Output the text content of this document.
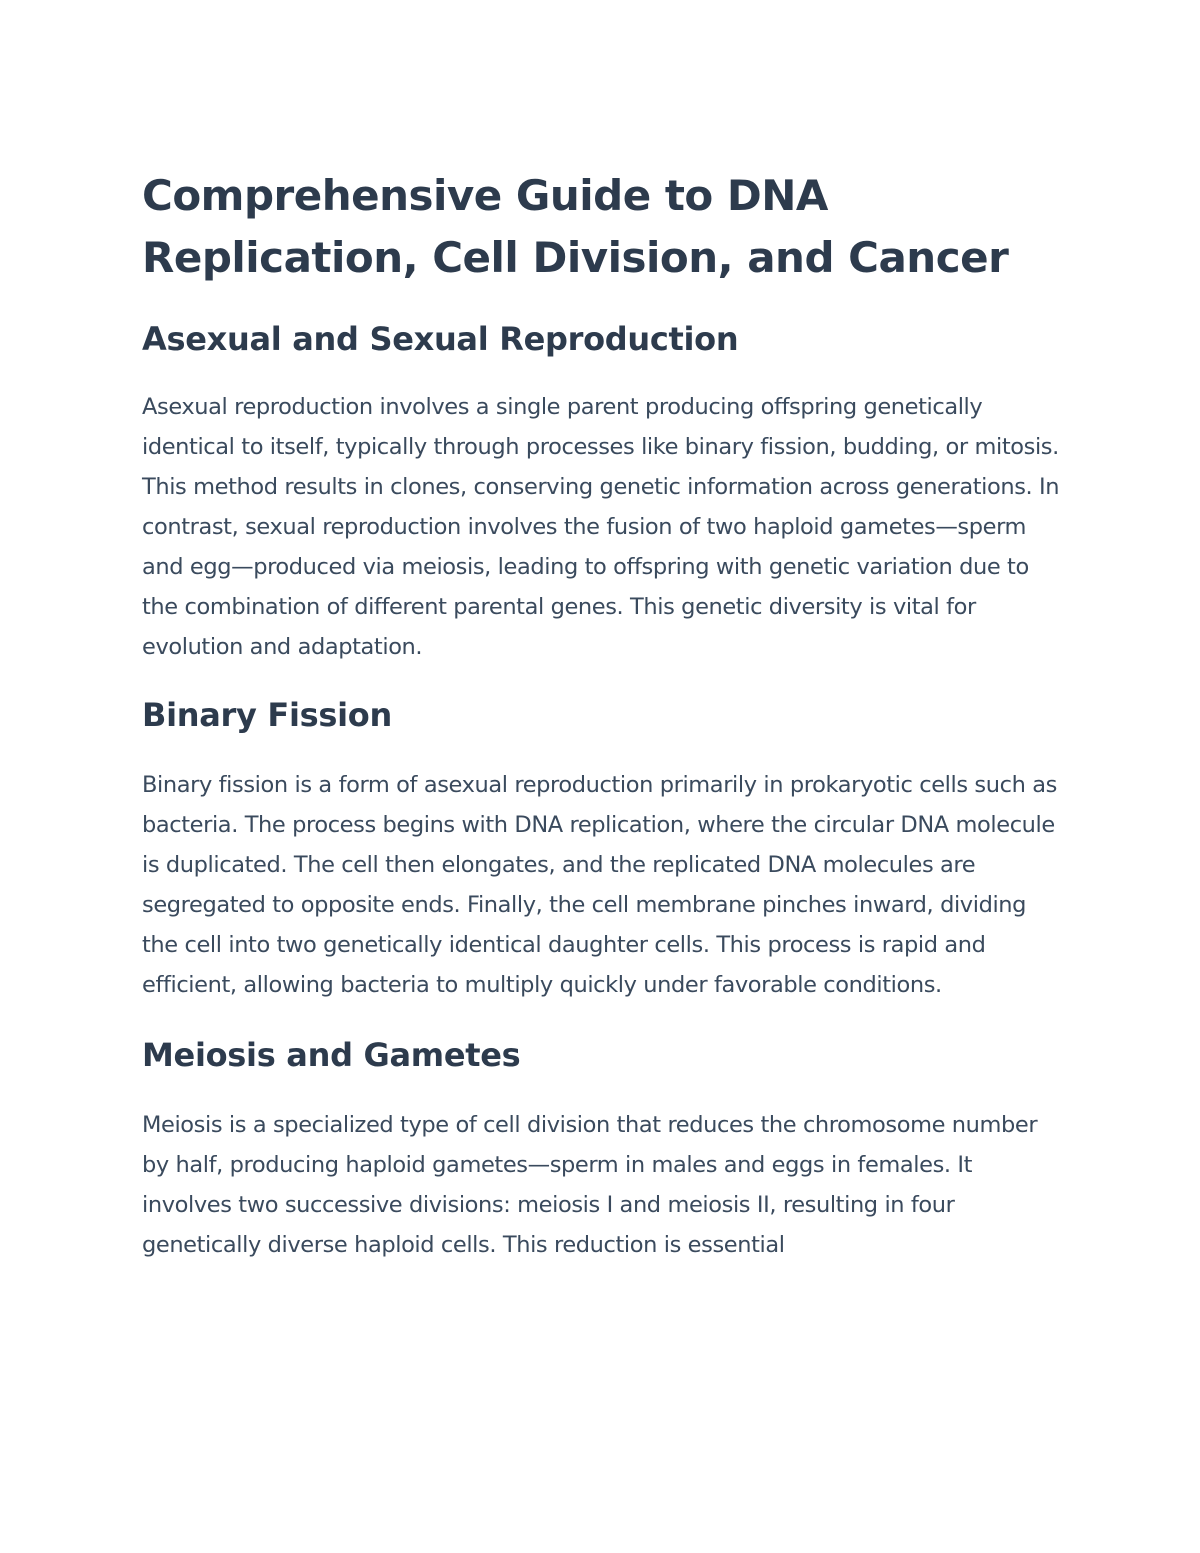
Comprehensive Guide to DNA Replication, Cell Division, and Cancer
Asexual and Sexual Reproduction

Asexual reproduction involves a single parent producing offspring genetically identical to itself, typically through processes like binary fission, budding, or mitosis. This method results in clones, conserving genetic information across generations. In contrast, sexual reproduction involves the fusion of two haploid gametes—sperm and egg—produced via meiosis, leading to offspring with genetic variation due to the combination of different parental genes. This genetic diversity is vital for evolution and adaptation.

Binary Fission

Binary fission is a form of asexual reproduction primarily in prokaryotic cells such as bacteria. The process begins with DNA replication, where the circular DNA molecule is duplicated. The cell then elongates, and the replicated DNA molecules are segregated to opposite ends. Finally, the cell membrane pinches inward, dividing the cell into two genetically identical daughter cells. This process is rapid and efficient, allowing bacteria to multiply quickly under favorable conditions.

Meiosis and Gametes

Meiosis is a specialized type of cell division that reduces the chromosome number by half, producing haploid gametes—sperm in males and eggs in females. It involves two successive divisions: meiosis I and meiosis II, resulting in four genetically diverse haploid cells. This reduction is essential
